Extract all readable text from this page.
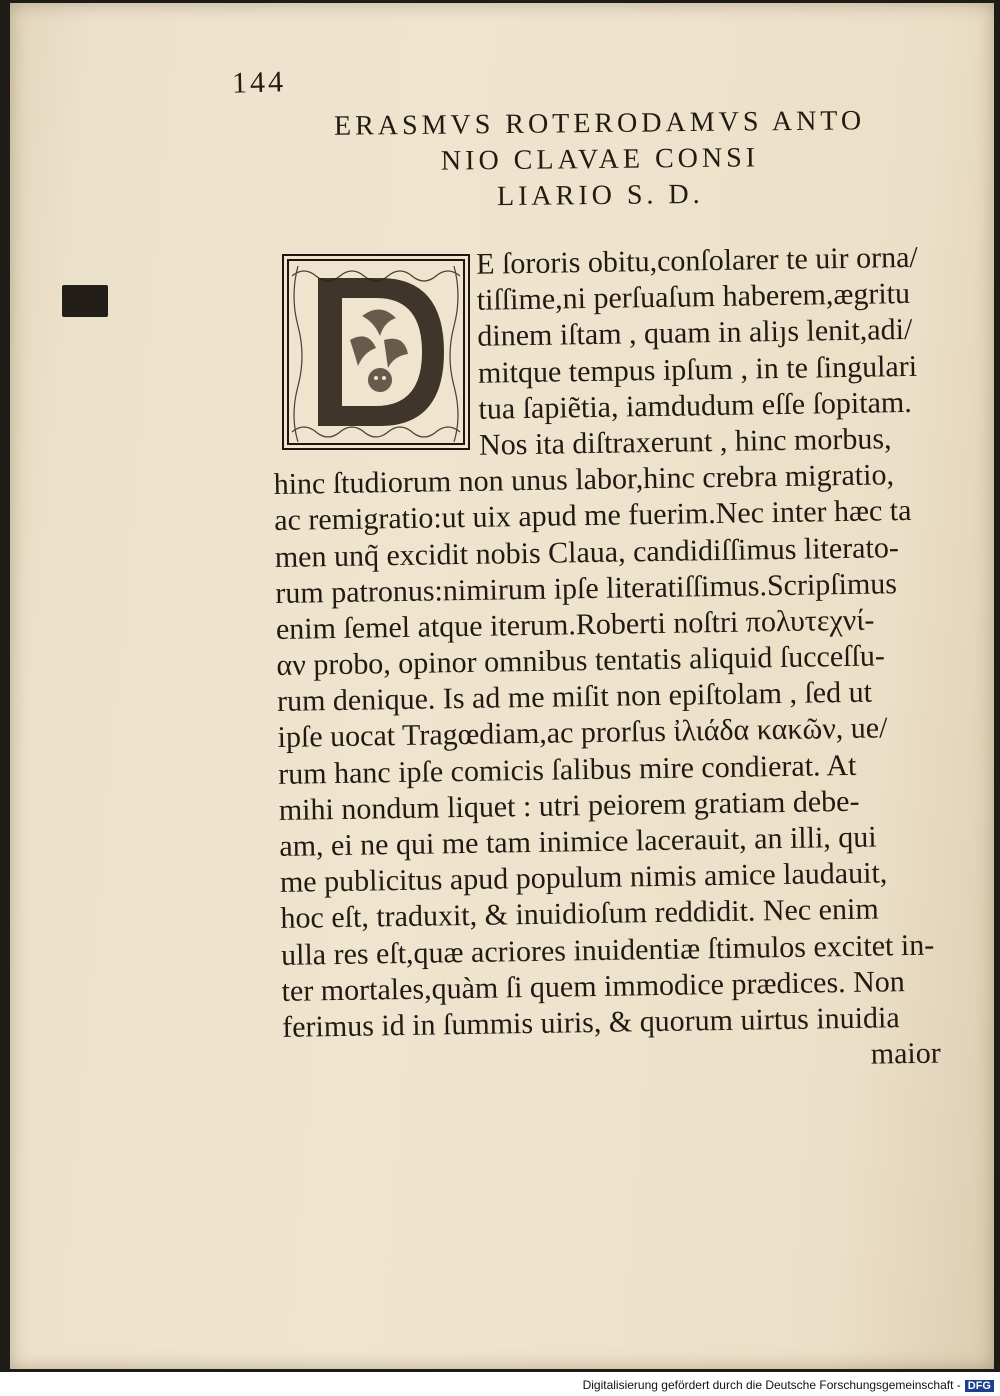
144
ERASMVS ROTERODAMVS ANTO
NIO CLAVAE CONSI
LIARIO S. D.
E ſororis obitu,conſolarer te uir orna/
tiſſime,ni perſuaſum haberem,ægritu
dinem iſtam , quam in aliȷs lenit,adi/
mitque tempus ipſum , in te ſingulari
tua ſapiẽtia, iamdudum eſſe ſopitam.
Nos ita diſtraxerunt , hinc morbus,
hinc ſtudiorum non unus labor,hinc crebra migratio,
ac remigratio:ut uix apud me fuerim.Nec inter hæc ta
men unq̃ excidit nobis Claua, candidiſſimus literato-
rum patronus:nimirum ipſe literatiſſimus.Scripſimus
enim ſemel atque iterum.Roberti noſtri πολυτεχνί-
αν probo, opinor omnibus tentatis aliquid ſucceſſu-
rum denique. Is ad me miſit non epiſtolam , ſed ut
ipſe uocat Tragœdiam,ac prorſus ἰλιάδα κακῶν, ue/
rum hanc ipſe comicis ſalibus mire condierat. At
mihi nondum liquet : utri peiorem gratiam debe-
am, ei ne qui me tam inimice lacerauit, an illi, qui
me publicitus apud populum nimis amice laudauit,
hoc eſt, traduxit, & inuidioſum reddidit. Nec enim
ulla res eſt,quæ acriores inuidentiæ ſtimulos excitet in-
ter mortales,quàm ſi quem immodice prædices. Non
ferimus id in ſummis uiris, & quorum uirtus inuidia
maior
Digitalisierung gefördert durch die Deutsche Forschungsgemeinschaft - DFG
